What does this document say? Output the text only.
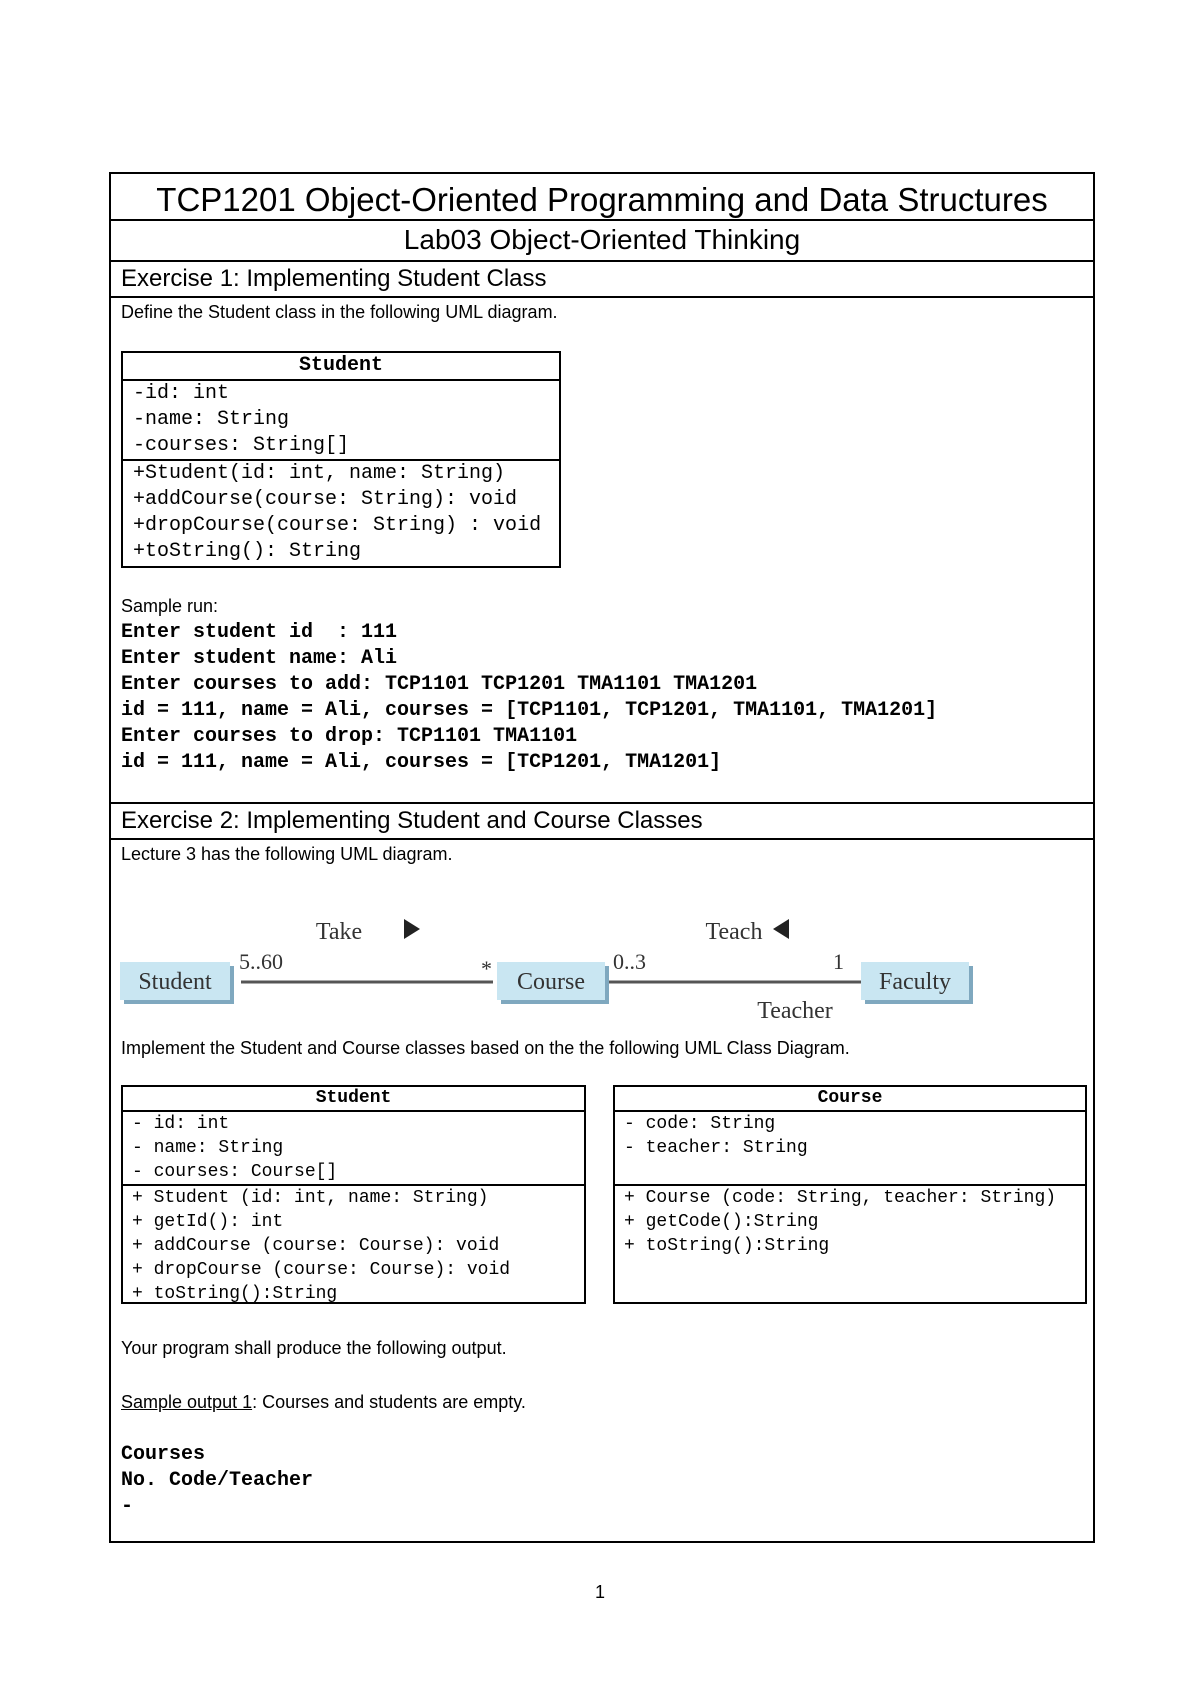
TCP1201 Object-Oriented Programming and Data Structures
Lab03 Object-Oriented Thinking
Exercise 1: Implementing Student Class
Define the Student class in the following UML diagram.
Student
-id: int
-name: String
-courses: String[]
+Student(id: int, name: String)
+addCourse(course: String): void
+dropCourse(course: String) : void
+toString(): String
Sample run:
Enter student id  : 111
Enter student name: Ali
Enter courses to add: TCP1101 TCP1201 TMA1101 TMA1201
id = 111, name = Ali, courses = [TCP1101, TCP1201, TMA1101, TMA1201]
Enter courses to drop: TCP1101 TMA1101
id = 111, name = Ali, courses = [TCP1201, TMA1201]
Exercise 2: Implementing Student and Course Classes
Lecture 3 has the following UML diagram.
Student	Course	Faculty
Take	Teach
5..60	*	0..3	1
Teacher
Implement the Student and Course classes based on the the following UML Class Diagram.
Student
- id: int
- name: String
- courses: Course[]
+ Student (id: int, name: String)
+ getId(): int
+ addCourse (course: Course): void
+ dropCourse (course: Course): void
+ toString():String
Course
- code: String
- teacher: String
+ Course (code: String, teacher: String)
+ getCode():String
+ toString():String
Your program shall produce the following output.
Sample output 1: Courses and students are empty.
Courses
No. Code/Teacher
-
1
